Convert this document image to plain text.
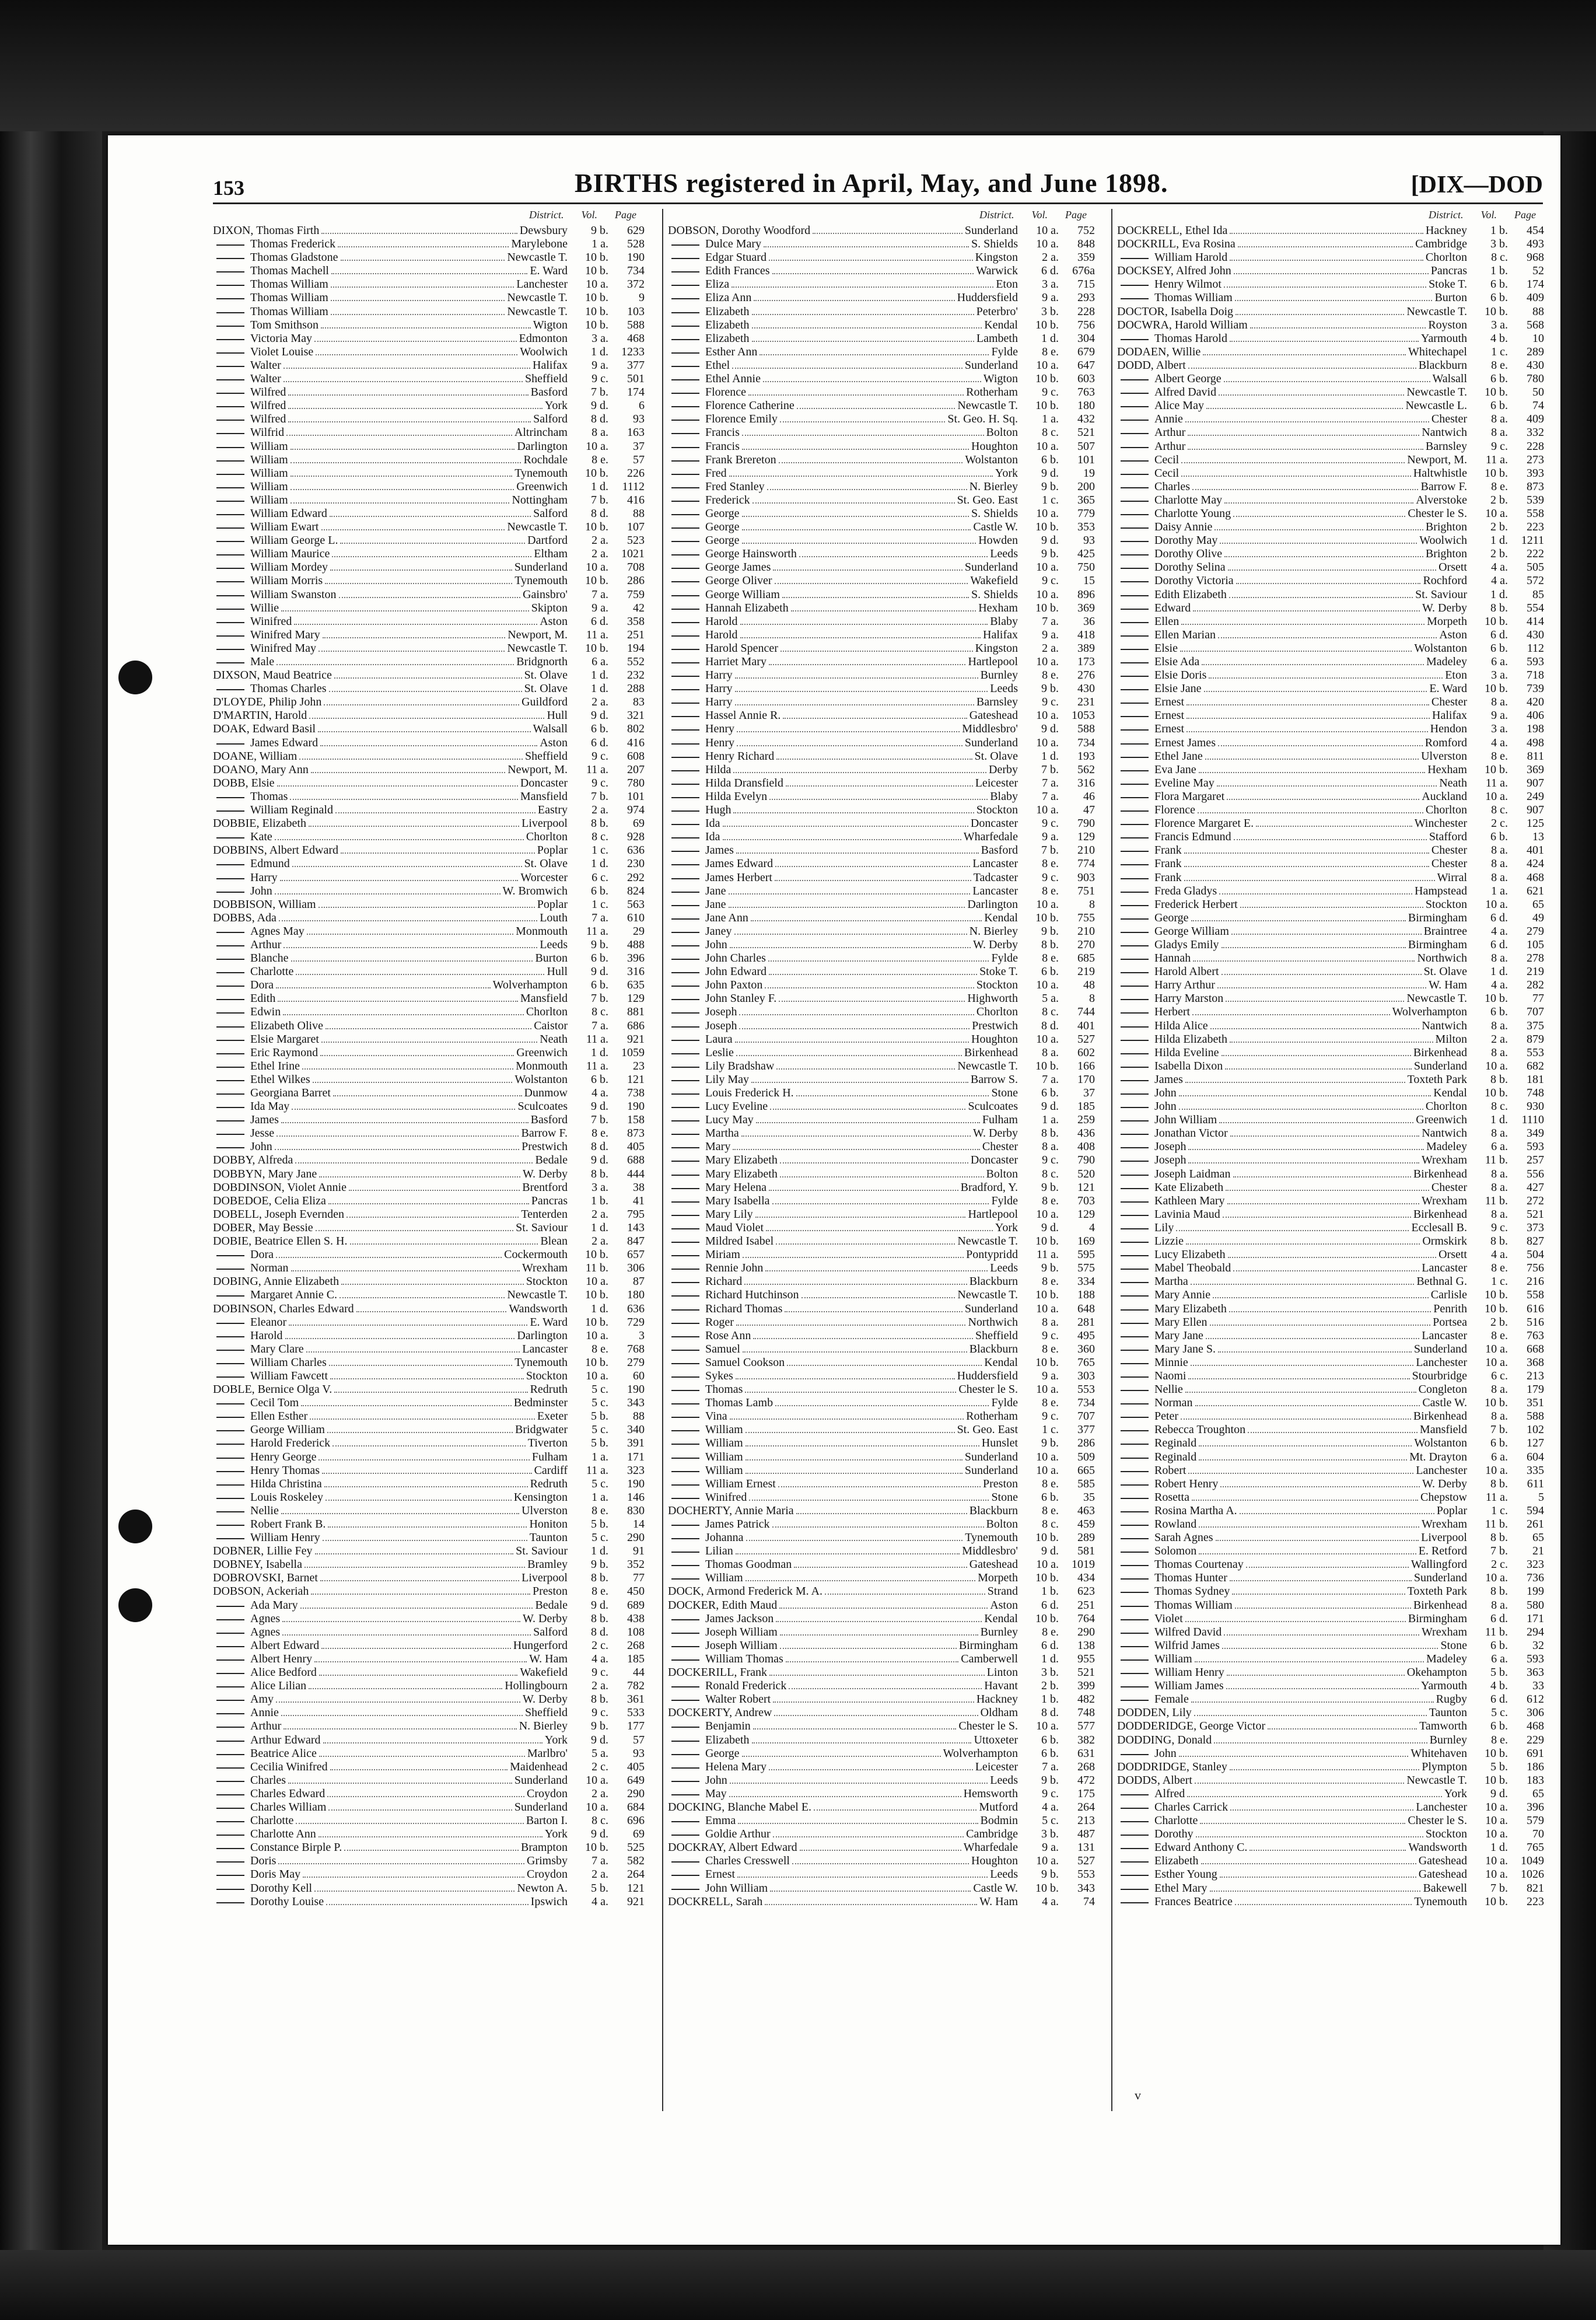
153	BIRTHS registered in April, May, and June 1898.	[DIX—DOD
District. Vol. Page
DIXON, Thomas Firth	Dewsbury	9 b.	629
Thomas Frederick	Marylebone	1 a.	528
Thomas Gladstone	Newcastle T.	10 b.	190
Thomas Machell	E. Ward	10 b.	734
Thomas William	Lanchester	10 a.	372
Thomas William	Newcastle T.	10 b.	9
Thomas William	Newcastle T.	10 b.	103
Tom Smithson	Wigton	10 b.	588
Victoria May	Edmonton	3 a.	468
Violet Louise	Woolwich	1 d.	1233
Walter	Halifax	9 a.	377
Walter	Sheffield	9 c.	501
Wilfred	Basford	7 b.	174
Wilfred	York	9 d.	6
Wilfred	Salford	8 d.	93
Wilfrid	Altrincham	8 a.	163
William	Darlington	10 a.	37
William	Rochdale	8 e.	57
William	Tynemouth	10 b.	226
William	Greenwich	1 d.	1112
William	Nottingham	7 b.	416
William Edward	Salford	8 d.	88
William Ewart	Newcastle T.	10 b.	107
William George L.	Dartford	2 a.	523
William Maurice	Eltham	2 a.	1021
William Mordey	Sunderland	10 a.	708
William Morris	Tynemouth	10 b.	286
William Swanston	Gainsbro'	7 a.	759
Willie	Skipton	9 a.	42
Winifred	Aston	6 d.	358
Winifred Mary	Newport, M.	11 a.	251
Winifred May	Newcastle T.	10 b.	194
Male	Bridgnorth	6 a.	552
DIXSON, Maud Beatrice	St. Olave	1 d.	232
Thomas Charles	St. Olave	1 d.	288
D'LOYDE, Philip John	Guildford	2 a.	83
D'MARTIN, Harold	Hull	9 d.	321
DOAK, Edward Basil	Walsall	6 b.	802
James Edward	Aston	6 d.	416
DOANE, William	Sheffield	9 c.	608
DOANO, Mary Ann	Newport, M.	11 a.	207
DOBB, Elsie	Doncaster	9 c.	780
Thomas	Mansfield	7 b.	101
William Reginald	Eastry	2 a.	974
DOBBIE, Elizabeth	Liverpool	8 b.	69
Kate	Chorlton	8 c.	928
DOBBINS, Albert Edward	Poplar	1 c.	636
Edmund	St. Olave	1 d.	230
Harry	Worcester	6 c.	292
John	W. Bromwich	6 b.	824
DOBBISON, William	Poplar	1 c.	563
DOBBS, Ada	Louth	7 a.	610
Agnes May	Monmouth	11 a.	29
Arthur	Leeds	9 b.	488
Blanche	Burton	6 b.	396
Charlotte	Hull	9 d.	316
Dora	Wolverhampton	6 b.	635
Edith	Mansfield	7 b.	129
Edwin	Chorlton	8 c.	881
Elizabeth Olive	Caistor	7 a.	686
Elsie Margaret	Neath	11 a.	921
Eric Raymond	Greenwich	1 d.	1059
Ethel Irine	Monmouth	11 a.	23
Ethel Wilkes	Wolstanton	6 b.	121
Georgiana Barret	Dunmow	4 a.	738
Ida May	Sculcoates	9 d.	190
James	Basford	7 b.	158
Jesse	Barrow F.	8 e.	873
John	Prestwich	8 d.	405
DOBBY, Alfreda	Bedale	9 d.	688
DOBBYN, Mary Jane	W. Derby	8 b.	444
DOBDINSON, Violet Annie	Brentford	3 a.	38
DOBEDOE, Celia Eliza	Pancras	1 b.	41
DOBELL, Joseph Evernden	Tenterden	2 a.	795
DOBER, May Bessie	St. Saviour	1 d.	143
DOBIE, Beatrice Ellen S. H.	Blean	2 a.	847
Dora	Cockermouth	10 b.	657
Norman	Wrexham	11 b.	306
DOBING, Annie Elizabeth	Stockton	10 a.	87
Margaret Annie C.	Newcastle T.	10 b.	180
DOBINSON, Charles Edward	Wandsworth	1 d.	636
Eleanor	E. Ward	10 b.	729
Harold	Darlington	10 a.	3
Mary Clare	Lancaster	8 e.	768
William Charles	Tynemouth	10 b.	279
William Fawcett	Stockton	10 a.	60
DOBLE, Bernice Olga V.	Redruth	5 c.	190
Cecil Tom	Bedminster	5 c.	343
Ellen Esther	Exeter	5 b.	88
George William	Bridgwater	5 c.	340
Harold Frederick	Tiverton	5 b.	391
Henry George	Fulham	1 a.	171
Henry Thomas	Cardiff	11 a.	323
Hilda Christina	Redruth	5 c.	190
Louis Roskeley	Kensington	1 a.	146
Nellie	Ulverston	8 e.	830
Robert Frank B.	Honiton	5 b.	14
William Henry	Taunton	5 c.	290
DOBNER, Lillie Fey	St. Saviour	1 d.	91
DOBNEY, Isabella	Bramley	9 b.	352
DOBROVSKI, Barnet	Liverpool	8 b.	77
DOBSON, Ackeriah	Preston	8 e.	450
Ada Mary	Bedale	9 d.	689
Agnes	W. Derby	8 b.	438
Agnes	Salford	8 d.	108
Albert Edward	Hungerford	2 c.	268
Albert Henry	W. Ham	4 a.	185
Alice Bedford	Wakefield	9 c.	44
Alice Lilian	Hollingbourn	2 a.	782
Amy	W. Derby	8 b.	361
Annie	Sheffield	9 c.	533
Arthur	N. Bierley	9 b.	177
Arthur Edward	York	9 d.	57
Beatrice Alice	Marlbro'	5 a.	93
Cecilia Winifred	Maidenhead	2 c.	405
Charles	Sunderland	10 a.	649
Charles Edward	Croydon	2 a.	290
Charles William	Sunderland	10 a.	684
Charlotte	Barton I.	8 c.	696
Charlotte Ann	York	9 d.	69
Constance Birple P.	Brampton	10 b.	525
Doris	Grimsby	7 a.	582
Doris May	Croydon	2 a.	264
Dorothy Kell	Newton A.	5 b.	121
Dorothy Louise	Ipswich	4 a.	921
District. Vol. Page
DOBSON, Dorothy Woodford	Sunderland	10 a.	752
Dulce Mary	S. Shields	10 a.	848
Edgar Stuard	Kingston	2 a.	359
Edith Frances	Warwick	6 d.	676a
Eliza	Eton	3 a.	715
Eliza Ann	Huddersfield	9 a.	293
Elizabeth	Peterbro'	3 b.	228
Elizabeth	Kendal	10 b.	756
Elizabeth	Lambeth	1 d.	304
Esther Ann	Fylde	8 e.	679
Ethel	Sunderland	10 a.	647
Ethel Annie	Wigton	10 b.	603
Florence	Rotherham	9 c.	763
Florence Catherine	Newcastle T.	10 b.	180
Florence Emily	St. Geo. H. Sq.	1 a.	432
Francis	Bolton	8 c.	521
Francis	Houghton	10 a.	507
Frank Brereton	Wolstanton	6 b.	101
Fred	York	9 d.	19
Fred Stanley	N. Bierley	9 b.	200
Frederick	St. Geo. East	1 c.	365
George	S. Shields	10 a.	779
George	Castle W.	10 b.	353
George	Howden	9 d.	93
George Hainsworth	Leeds	9 b.	425
George James	Sunderland	10 a.	750
George Oliver	Wakefield	9 c.	15
George William	S. Shields	10 a.	896
Hannah Elizabeth	Hexham	10 b.	369
Harold	Blaby	7 a.	36
Harold	Halifax	9 a.	418
Harold Spencer	Kingston	2 a.	389
Harriet Mary	Hartlepool	10 a.	173
Harry	Burnley	8 e.	276
Harry	Leeds	9 b.	430
Harry	Barnsley	9 c.	231
Hassel Annie R.	Gateshead	10 a.	1053
Henry	Middlesbro'	9 d.	588
Henry	Sunderland	10 a.	734
Henry Richard	St. Olave	1 d.	193
Hilda	Derby	7 b.	562
Hilda Dransfield	Leicester	7 a.	316
Hilda Evelyn	Blaby	7 a.	46
Hugh	Stockton	10 a.	47
Ida	Doncaster	9 c.	790
Ida	Wharfedale	9 a.	129
James	Basford	7 b.	210
James Edward	Lancaster	8 e.	774
James Herbert	Tadcaster	9 c.	903
Jane	Lancaster	8 e.	751
Jane	Darlington	10 a.	8
Jane Ann	Kendal	10 b.	755
Janey	N. Bierley	9 b.	210
John	W. Derby	8 b.	270
John Charles	Fylde	8 e.	685
John Edward	Stoke T.	6 b.	219
John Paxton	Stockton	10 a.	48
John Stanley F.	Highworth	5 a.	8
Joseph	Chorlton	8 c.	744
Joseph	Prestwich	8 d.	401
Laura	Houghton	10 a.	527
Leslie	Birkenhead	8 a.	602
Lily Bradshaw	Newcastle T.	10 b.	166
Lily May	Barrow S.	7 a.	170
Louis Frederick H.	Stone	6 b.	37
Lucy Eveline	Sculcoates	9 d.	185
Lucy May	Fulham	1 a.	259
Martha	W. Derby	8 b.	436
Mary	Chester	8 a.	408
Mary Elizabeth	Doncaster	9 c.	790
Mary Elizabeth	Bolton	8 c.	520
Mary Helena	Bradford, Y.	9 b.	121
Mary Isabella	Fylde	8 e.	703
Mary Lily	Hartlepool	10 a.	129
Maud Violet	York	9 d.	4
Mildred Isabel	Newcastle T.	10 b.	169
Miriam	Pontypridd	11 a.	595
Rennie John	Leeds	9 b.	575
Richard	Blackburn	8 e.	334
Richard Hutchinson	Newcastle T.	10 b.	188
Richard Thomas	Sunderland	10 a.	648
Roger	Northwich	8 a.	281
Rose Ann	Sheffield	9 c.	495
Samuel	Blackburn	8 e.	360
Samuel Cookson	Kendal	10 b.	765
Sykes	Huddersfield	9 a.	303
Thomas	Chester le S.	10 a.	553
Thomas Lamb	Fylde	8 e.	734
Vina	Rotherham	9 c.	707
William	St. Geo. East	1 c.	377
William	Hunslet	9 b.	286
William	Sunderland	10 a.	509
William	Sunderland	10 a.	665
William Ernest	Preston	8 e.	585
Winifred	Stone	6 b.	35
DOCHERTY, Annie Maria	Blackburn	8 e.	463
James Patrick	Bolton	8 c.	459
Johanna	Tynemouth	10 b.	289
Lilian	Middlesbro'	9 d.	581
Thomas Goodman	Gateshead	10 a.	1019
William	Morpeth	10 b.	434
DOCK, Armond Frederick M. A.	Strand	1 b.	623
DOCKER, Edith Maud	Aston	6 d.	251
James Jackson	Kendal	10 b.	764
Joseph William	Burnley	8 e.	290
Joseph William	Birmingham	6 d.	138
William Thomas	Camberwell	1 d.	955
DOCKERILL, Frank	Linton	3 b.	521
Ronald Frederick	Havant	2 b.	399
Walter Robert	Hackney	1 b.	482
DOCKERTY, Andrew	Oldham	8 d.	748
Benjamin	Chester le S.	10 a.	577
Elizabeth	Uttoxeter	6 b.	382
George	Wolverhampton	6 b.	631
Helena Mary	Leicester	7 a.	268
John	Leeds	9 b.	472
May	Hemsworth	9 c.	175
DOCKING, Blanche Mabel E.	Mutford	4 a.	264
Emma	Bodmin	5 c.	213
Goldie Arthur	Cambridge	3 b.	487
DOCKRAY, Albert Edward	Wharfedale	9 a.	131
Charles Cresswell	Houghton	10 a.	527
Ernest	Leeds	9 b.	553
John William	Castle W.	10 b.	343
DOCKRELL, Sarah	W. Ham	4 a.	74
District. Vol. Page
DOCKRELL, Ethel Ida	Hackney	1 b.	454
DOCKRILL, Eva Rosina	Cambridge	3 b.	493
William Harold	Chorlton	8 c.	968
DOCKSEY, Alfred John	Pancras	1 b.	52
Henry Wilmot	Stoke T.	6 b.	174
Thomas William	Burton	6 b.	409
DOCTOR, Isabella Doig	Newcastle T.	10 b.	88
DOCWRA, Harold William	Royston	3 a.	568
Thomas Harold	Yarmouth	4 b.	10
DODAEN, Willie	Whitechapel	1 c.	289
DODD, Albert	Blackburn	8 e.	430
Albert George	Walsall	6 b.	780
Alfred David	Newcastle T.	10 b.	50
Alice May	Newcastle L.	6 b.	74
Annie	Chester	8 a.	409
Arthur	Nantwich	8 a.	332
Arthur	Barnsley	9 c.	228
Cecil	Newport, M.	11 a.	273
Cecil	Haltwhistle	10 b.	393
Charles	Barrow F.	8 e.	873
Charlotte May	Alverstoke	2 b.	539
Charlotte Young	Chester le S.	10 a.	558
Daisy Annie	Brighton	2 b.	223
Dorothy May	Woolwich	1 d.	1211
Dorothy Olive	Brighton	2 b.	222
Dorothy Selina	Orsett	4 a.	505
Dorothy Victoria	Rochford	4 a.	572
Edith Elizabeth	St. Saviour	1 d.	85
Edward	W. Derby	8 b.	554
Ellen	Morpeth	10 b.	414
Ellen Marian	Aston	6 d.	430
Elsie	Wolstanton	6 b.	112
Elsie Ada	Madeley	6 a.	593
Elsie Doris	Eton	3 a.	718
Elsie Jane	E. Ward	10 b.	739
Ernest	Chester	8 a.	420
Ernest	Halifax	9 a.	406
Ernest	Hendon	3 a.	198
Ernest James	Romford	4 a.	498
Ethel Jane	Ulverston	8 e.	811
Eva Jane	Hexham	10 b.	369
Eveline May	Neath	11 a.	907
Flora Margaret	Auckland	10 a.	249
Florence	Chorlton	8 c.	907
Florence Margaret E.	Winchester	2 c.	125
Francis Edmund	Stafford	6 b.	13
Frank	Chester	8 a.	401
Frank	Chester	8 a.	424
Frank	Wirral	8 a.	468
Freda Gladys	Hampstead	1 a.	621
Frederick Herbert	Stockton	10 a.	65
George	Birmingham	6 d.	49
George William	Braintree	4 a.	279
Gladys Emily	Birmingham	6 d.	105
Hannah	Northwich	8 a.	278
Harold Albert	St. Olave	1 d.	219
Harry Arthur	W. Ham	4 a.	282
Harry Marston	Newcastle T.	10 b.	77
Herbert	Wolverhampton	6 b.	707
Hilda Alice	Nantwich	8 a.	375
Hilda Elizabeth	Milton	2 a.	879
Hilda Eveline	Birkenhead	8 a.	553
Isabella Dixon	Sunderland	10 a.	682
James	Toxteth Park	8 b.	181
John	Kendal	10 b.	748
John	Chorlton	8 c.	930
John William	Greenwich	1 d.	1110
Jonathan Victor	Nantwich	8 a.	349
Joseph	Madeley	6 a.	593
Joseph	Wrexham	11 b.	257
Joseph Laidman	Birkenhead	8 a.	556
Kate Elizabeth	Chester	8 a.	427
Kathleen Mary	Wrexham	11 b.	272
Lavinia Maud	Birkenhead	8 a.	521
Lily	Ecclesall B.	9 c.	373
Lizzie	Ormskirk	8 b.	827
Lucy Elizabeth	Orsett	4 a.	504
Mabel Theobald	Lancaster	8 e.	756
Martha	Bethnal G.	1 c.	216
Mary Annie	Carlisle	10 b.	558
Mary Elizabeth	Penrith	10 b.	616
Mary Ellen	Portsea	2 b.	516
Mary Jane	Lancaster	8 e.	763
Mary Jane S.	Sunderland	10 a.	668
Minnie	Lanchester	10 a.	368
Naomi	Stourbridge	6 c.	213
Nellie	Congleton	8 a.	179
Norman	Castle W.	10 b.	351
Peter	Birkenhead	8 a.	588
Rebecca Troughton	Mansfield	7 b.	102
Reginald	Wolstanton	6 b.	127
Reginald	Mt. Drayton	6 a.	604
Robert	Lanchester	10 a.	335
Robert Henry	W. Derby	8 b.	611
Rosetta	Chepstow	11 a.	5
Rosina Martha A.	Poplar	1 c.	594
Rowland	Wrexham	11 b.	261
Sarah Agnes	Liverpool	8 b.	65
Solomon	E. Retford	7 b.	21
Thomas Courtenay	Wallingford	2 c.	323
Thomas Hunter	Sunderland	10 a.	736
Thomas Sydney	Toxteth Park	8 b.	199
Thomas William	Birkenhead	8 a.	580
Violet	Birmingham	6 d.	171
Wilfred David	Wrexham	11 b.	294
Wilfrid James	Stone	6 b.	32
William	Madeley	6 a.	593
William Henry	Okehampton	5 b.	363
William James	Yarmouth	4 b.	33
Female	Rugby	6 d.	612
DODDEN, Lily	Taunton	5 c.	306
DODDERIDGE, George Victor	Tamworth	6 b.	468
DODDING, Donald	Burnley	8 e.	229
John	Whitehaven	10 b.	691
DODDRIDGE, Stanley	Plympton	5 b.	186
DODDS, Albert	Newcastle T.	10 b.	183
Alfred	York	9 d.	65
Charles Carrick	Lanchester	10 a.	396
Charlotte	Chester le S.	10 a.	579
Dorothy	Stockton	10 a.	70
Edward Anthony C.	Wandsworth	1 d.	765
Elizabeth	Gateshead	10 a.	1049
Esther Young	Gateshead	10 a.	1026
Ethel Mary	Bakewell	7 b.	821
Frances Beatrice	Tynemouth	10 b.	223
v
